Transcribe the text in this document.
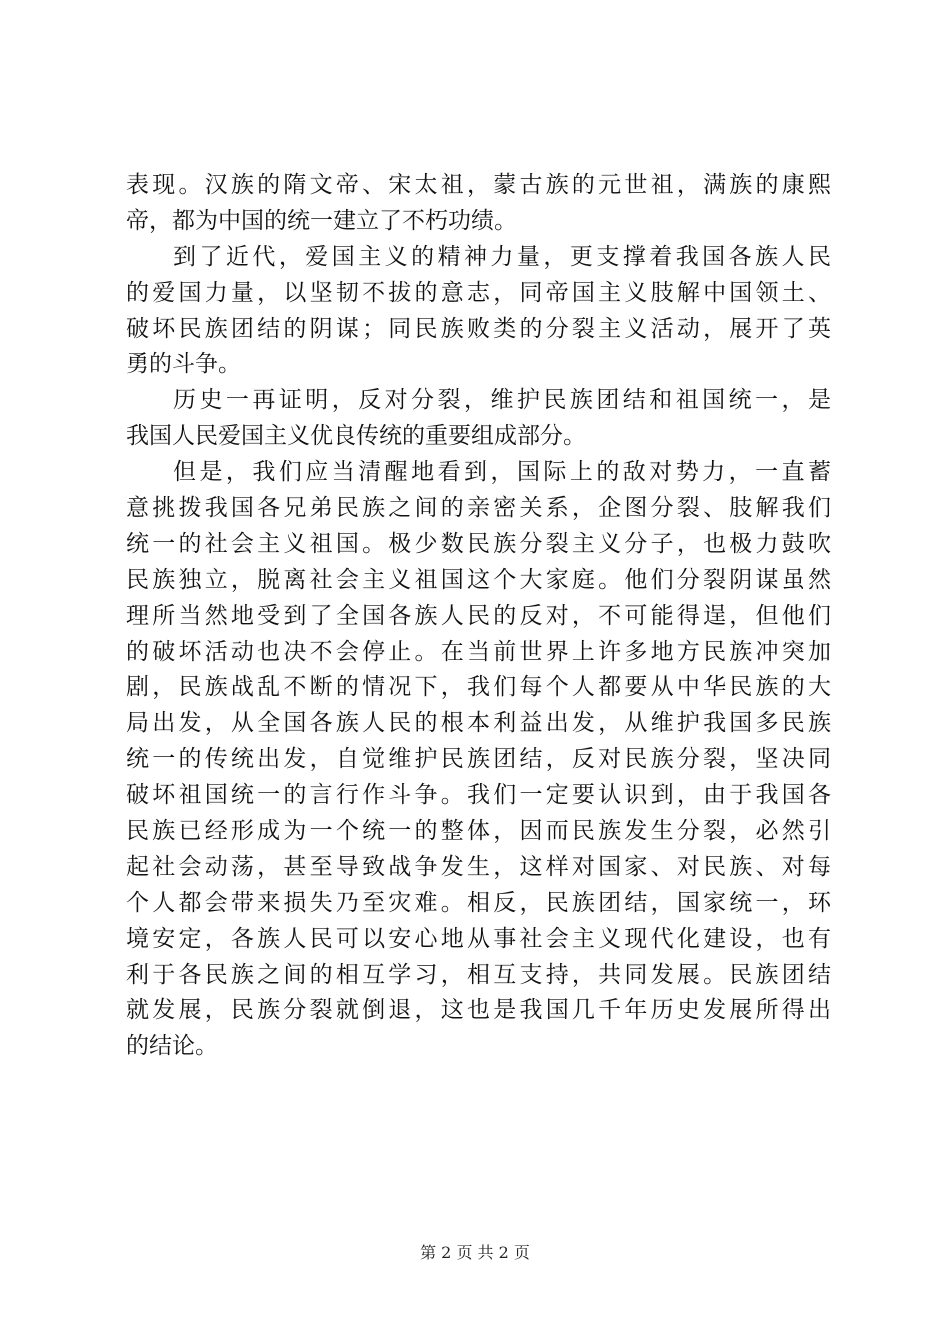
表现。汉族的隋文帝、宋太祖，蒙古族的元世祖，满族的康熙
帝，都为中国的统一建立了不朽功绩。
到了近代，爱国主义的精神力量，更支撑着我国各族人民
的爱国力量，以坚韧不拔的意志，同帝国主义肢解中国领土、
破坏民族团结的阴谋；同民族败类的分裂主义活动，展开了英
勇的斗争。
历史一再证明，反对分裂，维护民族团结和祖国统一，是
我国人民爱国主义优良传统的重要组成部分。
但是，我们应当清醒地看到，国际上的敌对势力，一直蓄
意挑拨我国各兄弟民族之间的亲密关系，企图分裂、肢解我们
统一的社会主义祖国。极少数民族分裂主义分子，也极力鼓吹
民族独立，脱离社会主义祖国这个大家庭。他们分裂阴谋虽然
理所当然地受到了全国各族人民的反对，不可能得逞，但他们
的破坏活动也决不会停止。在当前世界上许多地方民族冲突加
剧，民族战乱不断的情况下，我们每个人都要从中华民族的大
局出发，从全国各族人民的根本利益出发，从维护我国多民族
统一的传统出发，自觉维护民族团结，反对民族分裂，坚决同
破坏祖国统一的言行作斗争。我们一定要认识到，由于我国各
民族已经形成为一个统一的整体，因而民族发生分裂，必然引
起社会动荡，甚至导致战争发生，这样对国家、对民族、对每
个人都会带来损失乃至灾难。相反，民族团结，国家统一，环
境安定，各族人民可以安心地从事社会主义现代化建设，也有
利于各民族之间的相互学习，相互支持，共同发展。民族团结
就发展，民族分裂就倒退，这也是我国几千年历史发展所得出
的结论。
第 2 页 共 2 页
